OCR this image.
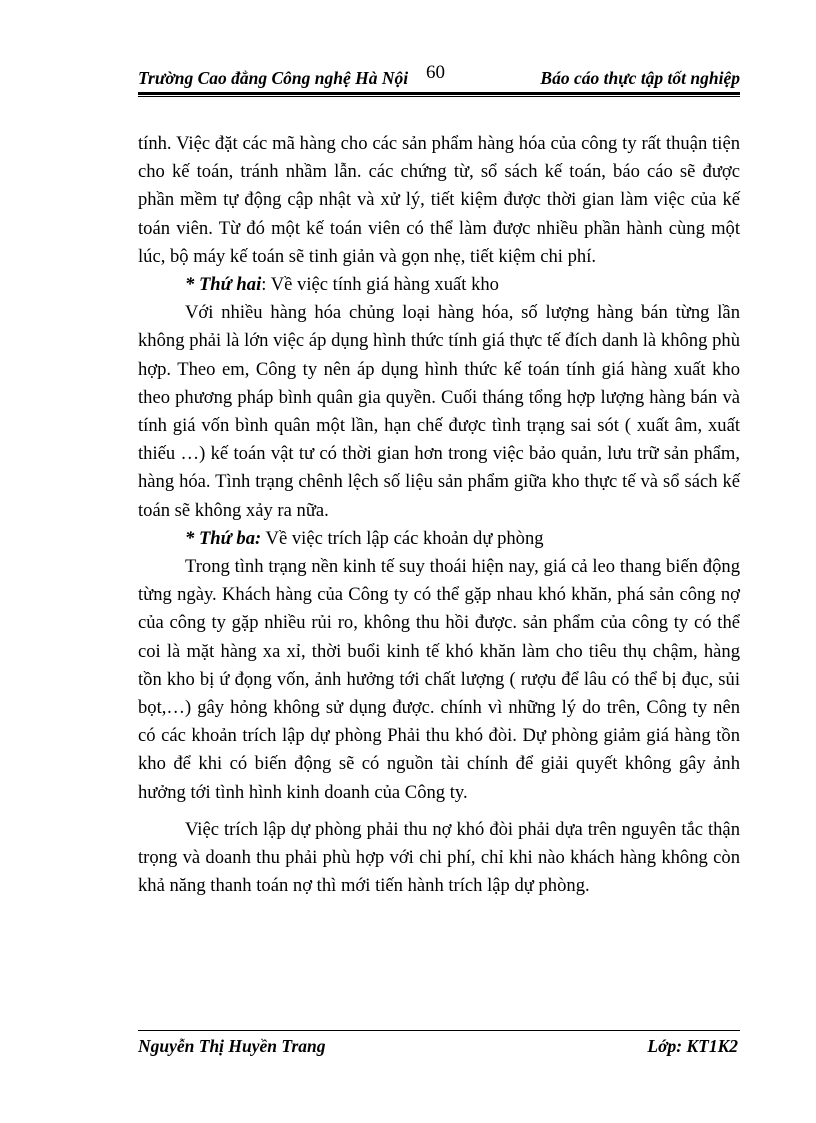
Trường Cao đẳng Công nghệ Hà Nội 60	Báo cáo thực tập tốt nghiệp

tính. Việc đặt các mã hàng cho các sản phẩm hàng hóa của công ty rất thuận tiện cho kế toán, tránh nhầm lẫn. các chứng từ, sổ sách kế toán, báo cáo sẽ được phần mềm tự động cập nhật và xử lý, tiết kiệm được thời gian làm việc của kế toán viên. Từ đó một kế toán viên có thể làm được nhiều phần hành cùng một lúc, bộ máy kế toán sẽ tinh giản và gọn nhẹ, tiết kiệm chi phí.

* Thứ hai: Về việc tính giá hàng xuất kho

Với nhiều hàng hóa chủng loại hàng hóa, số lượng hàng bán từng lần không phải là lớn việc áp dụng hình thức tính giá thực tế đích danh là không phù hợp. Theo em, Công ty nên áp dụng hình thức kế toán tính giá hàng xuất kho theo phương pháp bình quân gia quyền. Cuối tháng tổng hợp lượng hàng bán và tính giá vốn bình quân một lần, hạn chế được tình trạng sai sót ( xuất âm, xuất thiếu …) kế toán vật tư có thời gian hơn trong việc bảo quản, lưu trữ sản phẩm, hàng hóa. Tình trạng chênh lệch số liệu sản phẩm giữa kho thực tế và sổ sách kế toán sẽ không xảy ra nữa.

* Thứ ba: Về việc trích lập các khoản dự phòng

Trong tình trạng nền kinh tế suy thoái hiện nay, giá cả leo thang biến động từng ngày. Khách hàng của Công ty có thể gặp nhau khó khăn, phá sản công nợ của công ty gặp nhiều rủi ro, không thu hồi được. sản phẩm của công ty có thể coi là mặt hàng xa xỉ, thời buổi kinh tế khó khăn làm cho tiêu thụ chậm, hàng tồn kho bị ứ đọng vốn, ảnh hưởng tới chất lượng ( rượu để lâu có thể bị đục, sủi bọt,…) gây hỏng không sử dụng được. chính vì những lý do trên, Công ty nên có các khoản trích lập dự phòng Phải thu khó đòi. Dự phòng giảm giá hàng tồn kho để khi có biến động sẽ có nguồn tài chính để giải quyết không gây ảnh hưởng tới tình hình kinh doanh của Công ty.

Việc trích lập dự phòng phải thu nợ khó đòi phải dựa trên nguyên tắc thận trọng và doanh thu phải phù hợp với chi phí, chỉ khi nào khách hàng không còn khả năng thanh toán nợ thì mới tiến hành trích lập dự phòng.

Nguyễn Thị Huyền Trang	Lớp: KT1K2
